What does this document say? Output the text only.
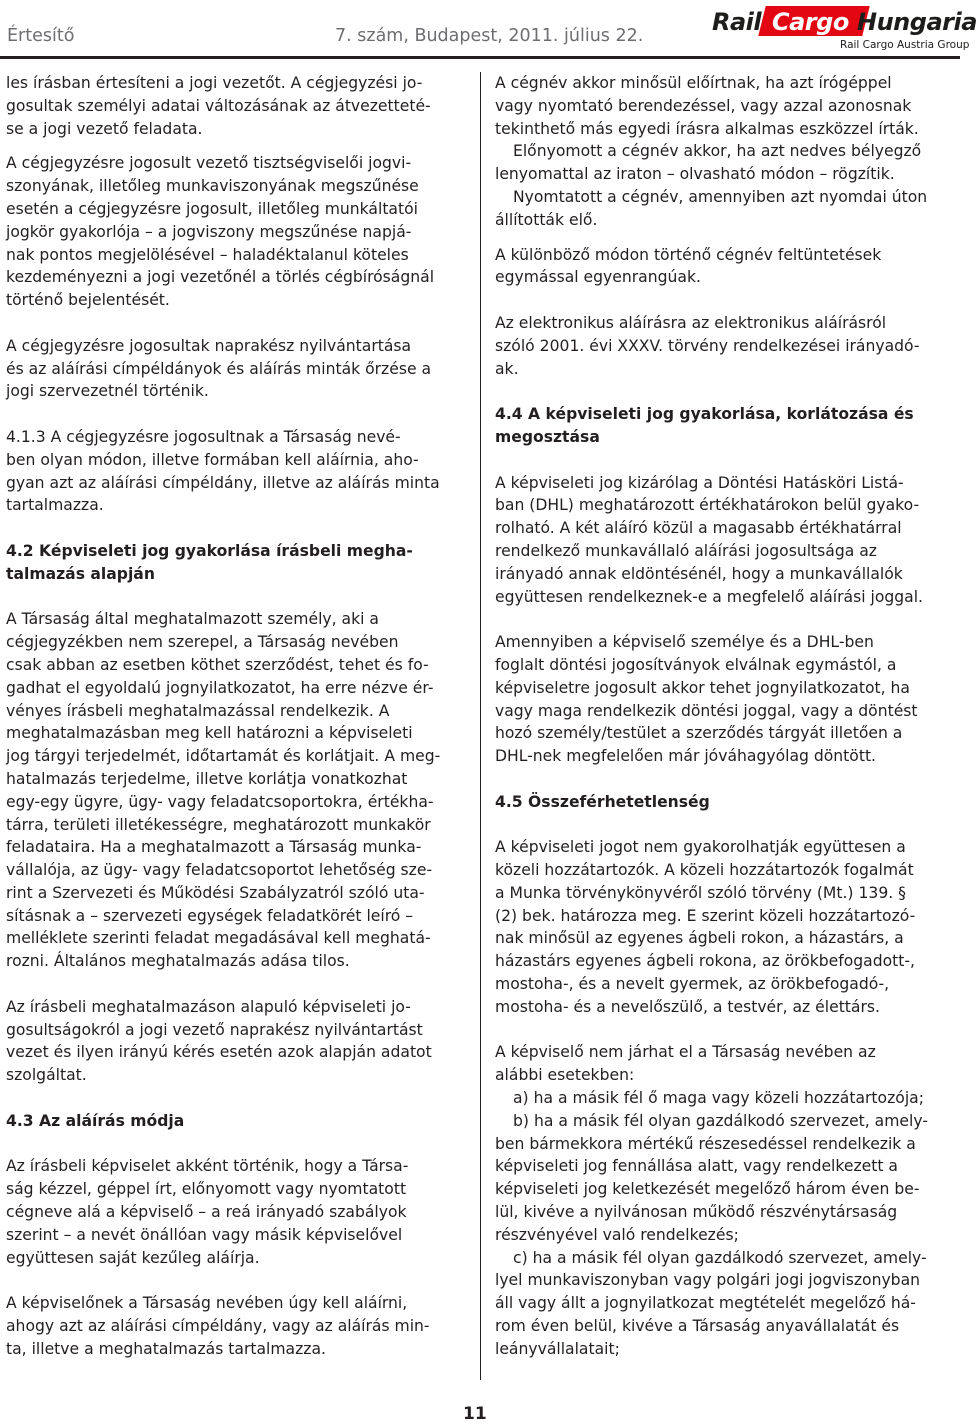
Értesítő	7. szám, Budapest, 2011. július 22.	Rail Cargo Hungaria
Rail Cargo Austria Group

les írásban értesíteni a jogi vezetőt. A cégjegyzési jo-
gosultak személyi adatai változásának az átvezetteté-
se a jogi vezető feladata.

A cégjegyzésre jogosult vezető tisztségviselői jogvi-
szonyának, illetőleg munkaviszonyának megszűnése
esetén a cégjegyzésre jogosult, illetőleg munkáltatói
jogkör gyakorlója – a jogviszony megszűnése napjá-
nak pontos megjelölésével – haladéktalanul köteles
kezdeményezni a jogi vezetőnél a törlés cégbíróságnál
történő bejelentését.

A cégjegyzésre jogosultak naprakész nyilvántartása
és az aláírási címpéldányok és aláírás minták őrzése a
jogi szervezetnél történik.

4.1.3 A cégjegyzésre jogosultnak a Társaság nevé-
ben olyan módon, illetve formában kell aláírnia, aho-
gyan azt az aláírási címpéldány, illetve az aláírás minta
tartalmazza.

4.2 Képviseleti jog gyakorlása írásbeli megha-
talmazás alapján

A Társaság által meghatalmazott személy, aki a
cégjegyzékben nem szerepel, a Társaság nevében
csak abban az esetben köthet szerződést, tehet és fo-
gadhat el egyoldalú jognyilatkozatot, ha erre nézve ér-
vényes írásbeli meghatalmazással rendelkezik. A
meghatalmazásban meg kell határozni a képviseleti
jog tárgyi terjedelmét, időtartamát és korlátjait. A meg-
hatalmazás terjedelme, illetve korlátja vonatkozhat
egy-egy ügyre, ügy- vagy feladatcsoportokra, értékha-
tárra, területi illetékességre, meghatározott munkakör
feladataira. Ha a meghatalmazott a Társaság munka-
vállalója, az ügy- vagy feladatcsoportot lehetőség sze-
rint a Szervezeti és Működési Szabályzatról szóló uta-
sításnak a – szervezeti egységek feladatkörét leíró –
melléklete szerinti feladat megadásával kell meghatá-
rozni. Általános meghatalmazás adása tilos.

Az írásbeli meghatalmazáson alapuló képviseleti jo-
gosultságokról a jogi vezető naprakész nyilvántartást
vezet és ilyen irányú kérés esetén azok alapján adatot
szolgáltat.

4.3 Az aláírás módja

Az írásbeli képviselet akként történik, hogy a Társa-
ság kézzel, géppel írt, előnyomott vagy nyomtatott
cégneve alá a képviselő – a reá irányadó szabályok
szerint – a nevét önállóan vagy másik képviselővel
együttesen saját kezűleg aláírja.

A képviselőnek a Társaság nevében úgy kell aláírni,
ahogy azt az aláírási címpéldány, vagy az aláírás min-
ta, illetve a meghatalmazás tartalmazza.

A cégnév akkor minősül előírtnak, ha azt írógéppel
vagy nyomtató berendezéssel, vagy azzal azonosnak
tekinthető más egyedi írásra alkalmas eszközzel írták.

Előnyomott a cégnév akkor, ha azt nedves bélyegző
lenyomattal az iraton – olvasható módon – rögzítik.

Nyomtatott a cégnév, amennyiben azt nyomdai úton
állították elő.

A különböző módon történő cégnév feltüntetések
egymással egyenrangúak.

Az elektronikus aláírásra az elektronikus aláírásról
szóló 2001. évi XXXV. törvény rendelkezései irányadó-
ak.

4.4 A képviseleti jog gyakorlása, korlátozása és
megosztása

A képviseleti jog kizárólag a Döntési Hatásköri Listá-
ban (DHL) meghatározott értékhatárokon belül gyako-
rolható. A két aláíró közül a magasabb értékhatárral
rendelkező munkavállaló aláírási jogosultsága az
irányadó annak eldöntésénél, hogy a munkavállalók
együttesen rendelkeznek-e a megfelelő aláírási joggal.

Amennyiben a képviselő személye és a DHL-ben
foglalt döntési jogosítványok elválnak egymástól, a
képviseletre jogosult akkor tehet jognyilatkozatot, ha
vagy maga rendelkezik döntési joggal, vagy a döntést
hozó személy/testület a szerződés tárgyát illetően a
DHL-nek megfelelően már jóváhagyólag döntött.

4.5 Összeférhetetlenség

A képviseleti jogot nem gyakorolhatják együttesen a
közeli hozzátartozók. A közeli hozzátartozók fogalmát
a Munka törvénykönyvéről szóló törvény (Mt.) 139. §
(2) bek. határozza meg. E szerint közeli hozzátartozó-
nak minősül az egyenes ágbeli rokon, a házastárs, a
házastárs egyenes ágbeli rokona, az örökbefogadott-,
mostoha-, és a nevelt gyermek, az örökbefogadó-,
mostoha- és a nevelőszülő, a testvér, az élettárs.

A képviselő nem járhat el a Társaság nevében az
alábbi esetekben:

a) ha a másik fél ő maga vagy közeli hozzátartozója;

b) ha a másik fél olyan gazdálkodó szervezet, amely-
ben bármekkora mértékű részesedéssel rendelkezik a
képviseleti jog fennállása alatt, vagy rendelkezett a
képviseleti jog keletkezését megelőző három éven be-
lül, kivéve a nyilvánosan működő részvénytársaság
részvényével való rendelkezés;

c) ha a másik fél olyan gazdálkodó szervezet, amely-
lyel munkaviszonyban vagy polgári jogi jogviszonyban
áll vagy állt a jognyilatkozat megtételét megelőző há-
rom éven belül, kivéve a Társaság anyavállalatát és
leányvállalatait;

11
